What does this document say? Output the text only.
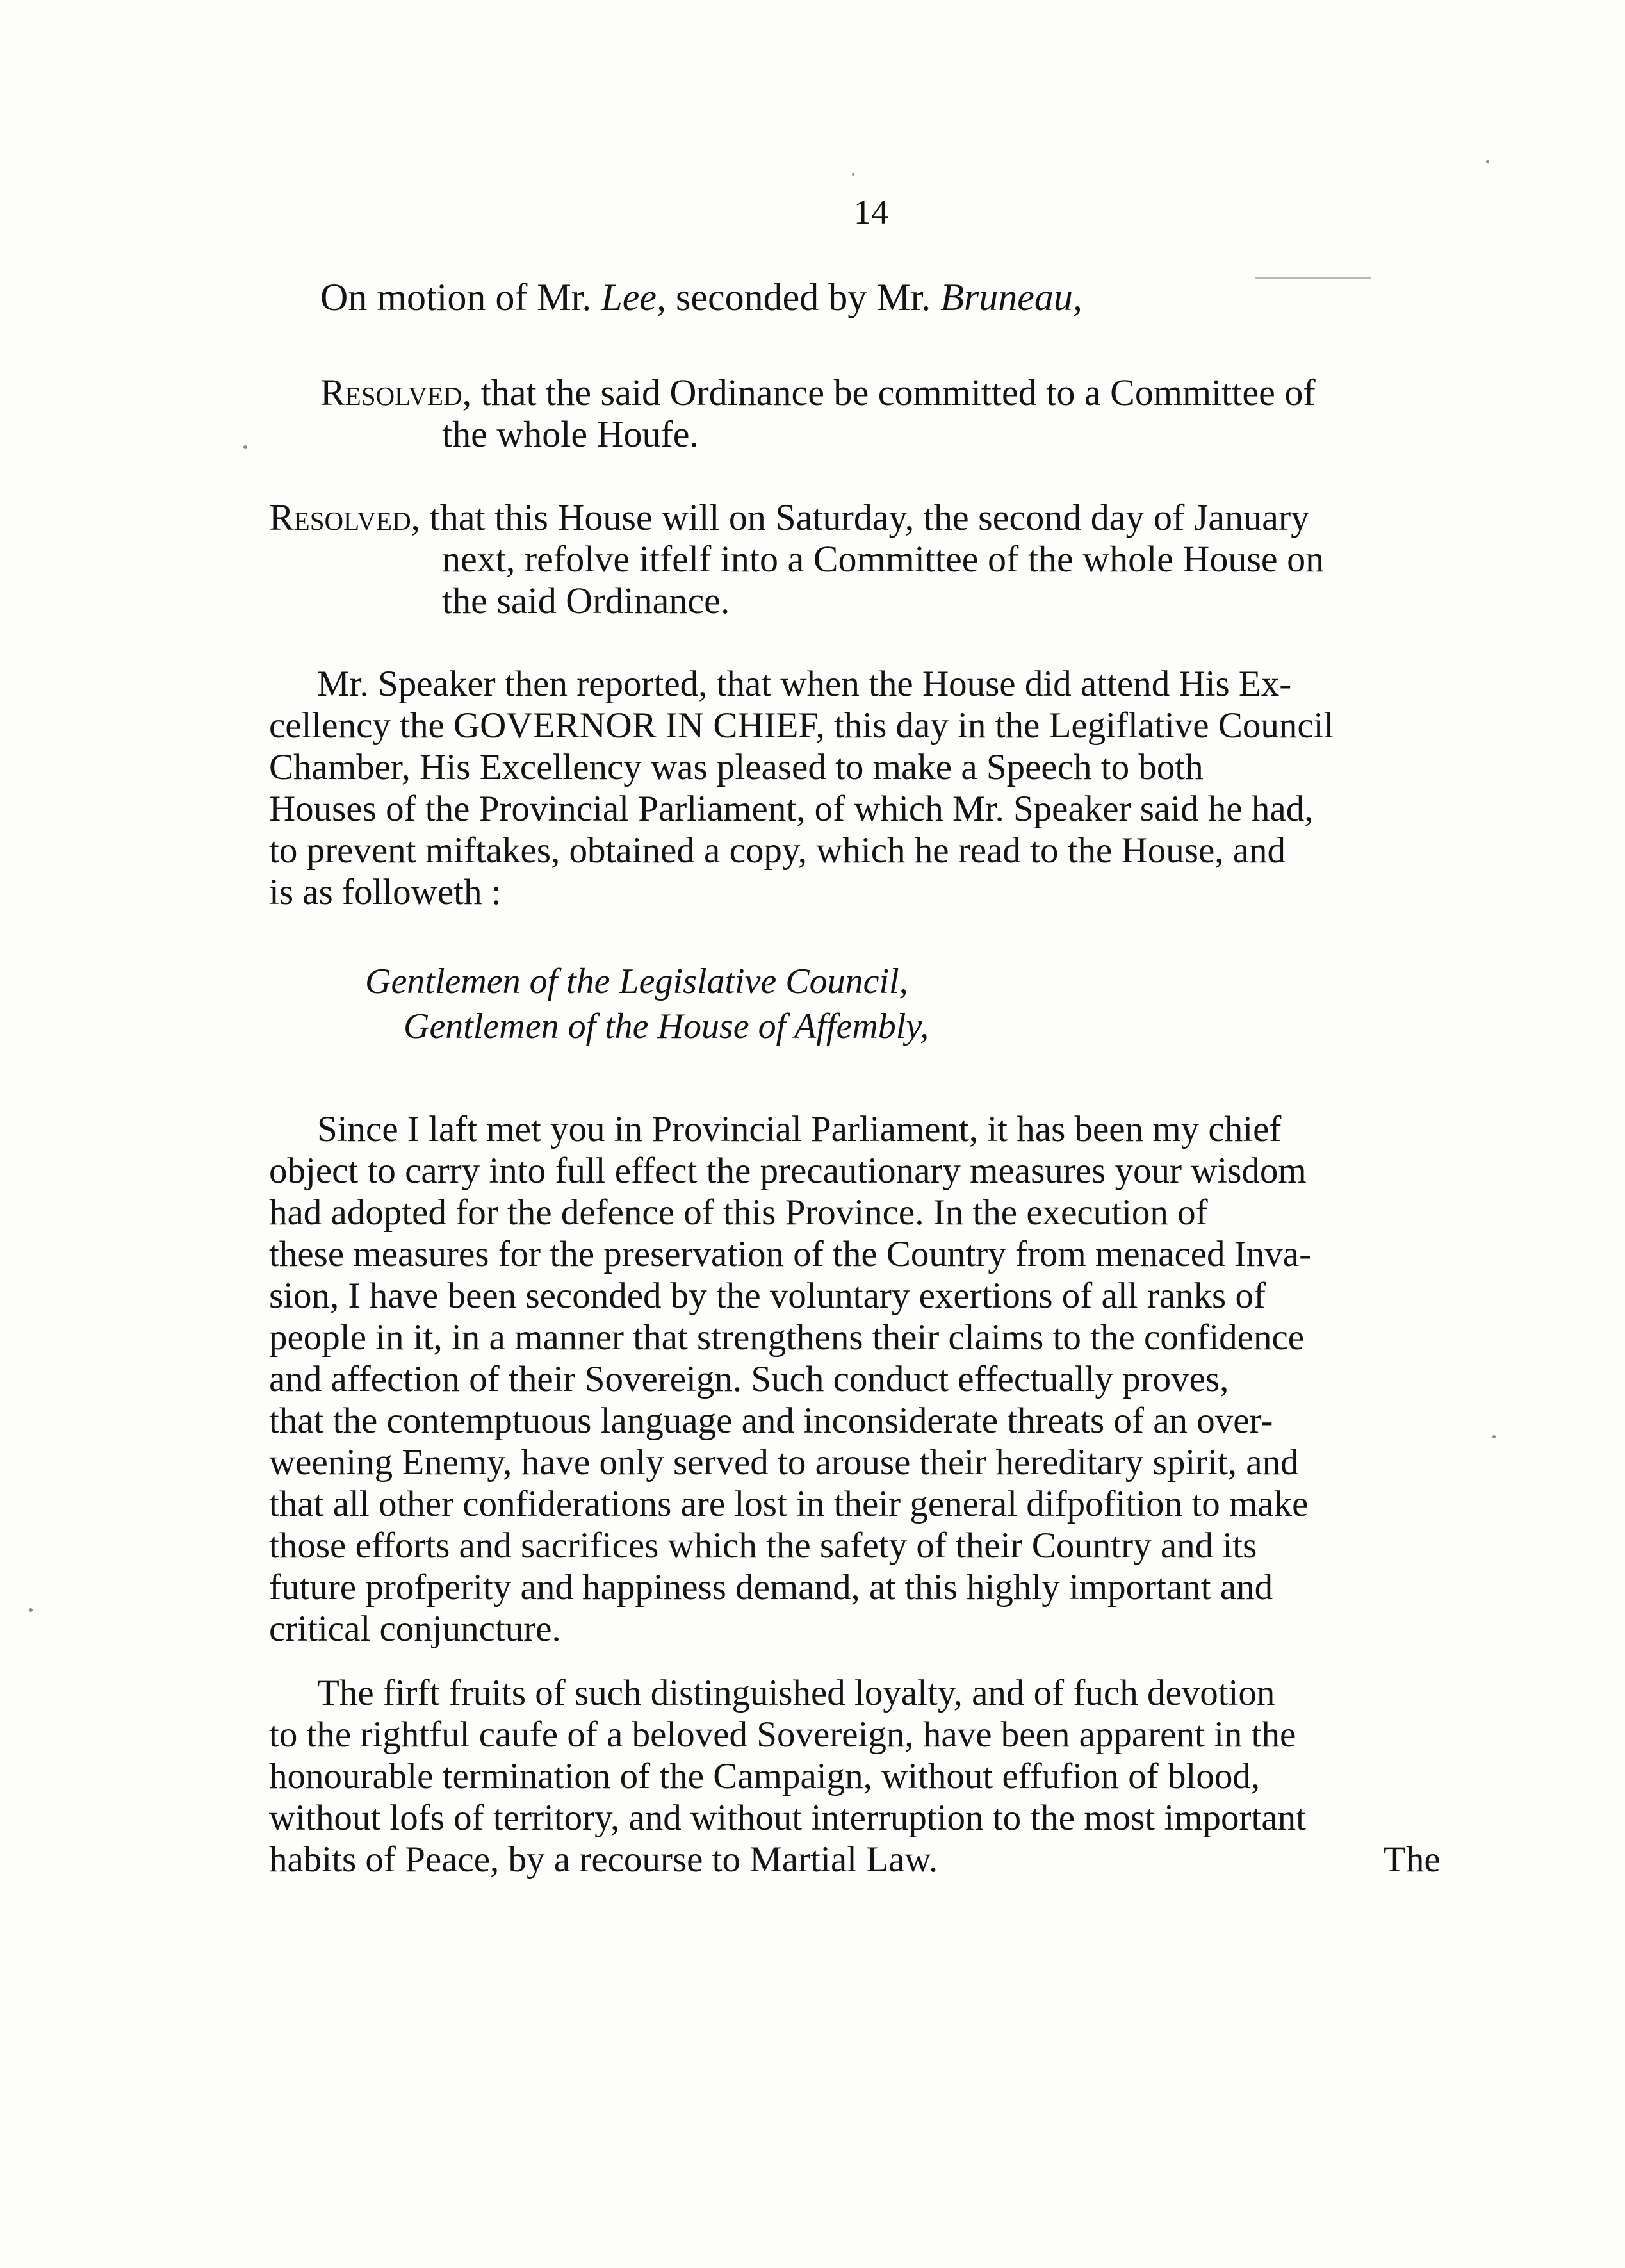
14
On motion of Mr. Lee, seconded by Mr. Bruneau,
Resolved, that the said Ordinance be committed to a Committee of
the whole Houfe.
Resolved, that this House will on Saturday, the second day of January
next, refolve itfelf into a Committee of the whole House on
the said Ordinance.
Mr. Speaker then reported, that when the House did attend His Ex-
cellency the GOVERNOR IN CHIEF, this day in the Legiflative Council
Chamber, His Excellency was pleased to make a Speech to both
Houses of the Provincial Parliament, of which Mr. Speaker said he had,
to prevent miftakes, obtained a copy, which he read to the House, and
is as followeth :
Gentlemen of the Legislative Council,
Gentlemen of the House of Affembly,
Since I laft met you in Provincial Parliament, it has been my chief
object to carry into full effect the precautionary measures your wisdom
had adopted for the defence of this Province. In the execution of
these measures for the preservation of the Country from menaced Inva-
sion, I have been seconded by the voluntary exertions of all ranks of
people in it, in a manner that strengthens their claims to the confidence
and affection of their Sovereign. Such conduct effectually proves,
that the contemptuous language and inconsiderate threats of an over-
weening Enemy, have only served to arouse their hereditary spirit, and
that all other confiderations are lost in their general difpofition to make
those efforts and sacrifices which the safety of their Country and its
future profperity and happiness demand, at this highly important and
critical conjuncture.
The firft fruits of such distinguished loyalty, and of fuch devotion
to the rightful caufe of a beloved Sovereign, have been apparent in the
honourable termination of the Campaign, without effufion of blood,
without lofs of territory, and without interruption to the most important
habits of Peace, by a recourse to Martial Law.	The
